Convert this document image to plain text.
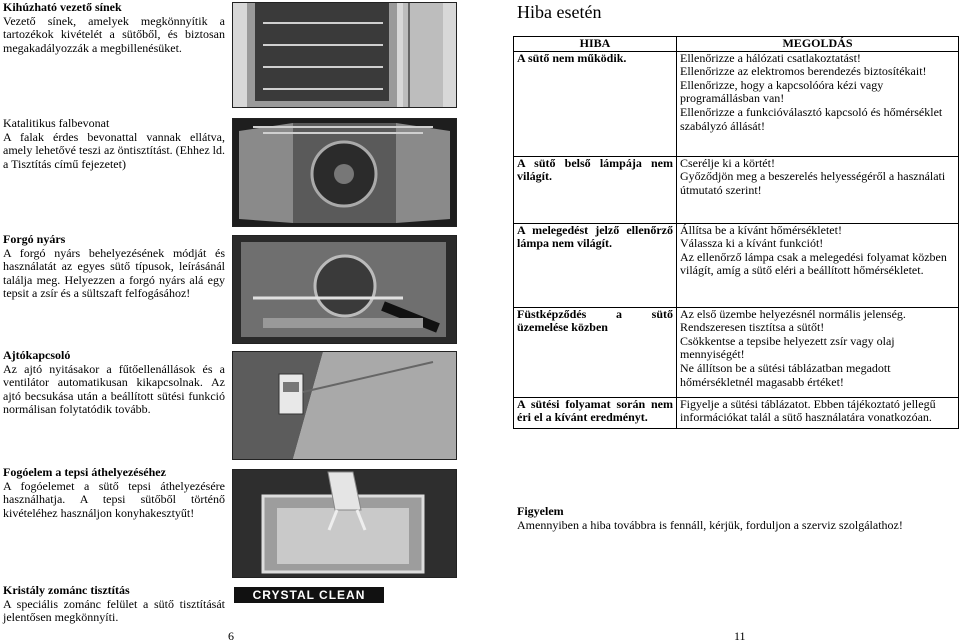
Kihúzható vezető sínek
Vezető sínek, amelyek megkönnyítik a tartozékok kivételét a sütőből, és biztosan megakadályozzák a megbillenésüket.
Katalitikus falbevonat
A falak érdes bevonattal vannak ellátva, amely lehetővé teszi az öntisztítást. (Ehhez ld. a Tisztítás című fejezetet)
Forgó nyárs
A forgó nyárs behelyezésének módját és használatát az egyes sütő típusok, leírásánál találja meg. Helyezzen a forgó nyárs alá egy tepsit a zsír és a sültszaft felfogásához!
Ajtókapcsoló
Az ajtó nyitásakor a fűtőellenállások és a ventilátor automatikusan kikapcsolnak. Az ajtó becsukása után a beállított sütési funkció normálisan folytatódik tovább.
Fogóelem a tepsi áthelyezéséhez
A fogóelemet a sütő tepsi áthelyezésére használhatja. A tepsi sütőből történő kivételéhez használjon konyhakesztyűt!
Kristály zománc tisztítás
A speciális zománc felület a sütő tisztítását jelentősen megkönnyíti.
CRYSTAL CLEAN
6
Hiba esetén
HIBA	MEGOLDÁS
A sütő nem működik.	Ellenőrizze a hálózati csatlakoztatást!
Ellenőrizze az elektromos berendezés biztosítékait!
Ellenőrizze, hogy a kapcsolóóra kézi vagy programállásban van!
Ellenőrizze a funkcióválasztó kapcsoló és hőmérséklet szabályzó állását!

A sütő belső lámpája nem világít.	Cserélje ki a körtét!
Győződjön meg a beszerelés helyességéről a használati útmutató szerint!

A melegedést jelző ellenőrző lámpa nem világít.	Állítsa be a kívánt hőmérsékletet!
Válassza ki a kívánt funkciót!
Az ellenőrző lámpa csak a melegedési folyamat közben világít, amíg a sütő eléri a beállított hőmérsékletet.

Füstképződés a sütő üzemelése közben	Az első üzembe helyezésnél normális jelenség.
Rendszeresen tisztítsa a sütőt!
Csökkentse a tepsibe helyezett zsír vagy olaj mennyiségét!
Ne állítson be a sütési táblázatban megadott hőmérsékletnél magasabb értéket!

A sütési folyamat során nem éri el a kívánt eredményt.	Figyelje a sütési táblázatot. Ebben tájékoztató jellegű információkat talál a sütő használatára vonatkozóan.
Figyelem
Amennyiben a hiba továbbra is fennáll, kérjük, forduljon a szerviz szolgálathoz!
11
